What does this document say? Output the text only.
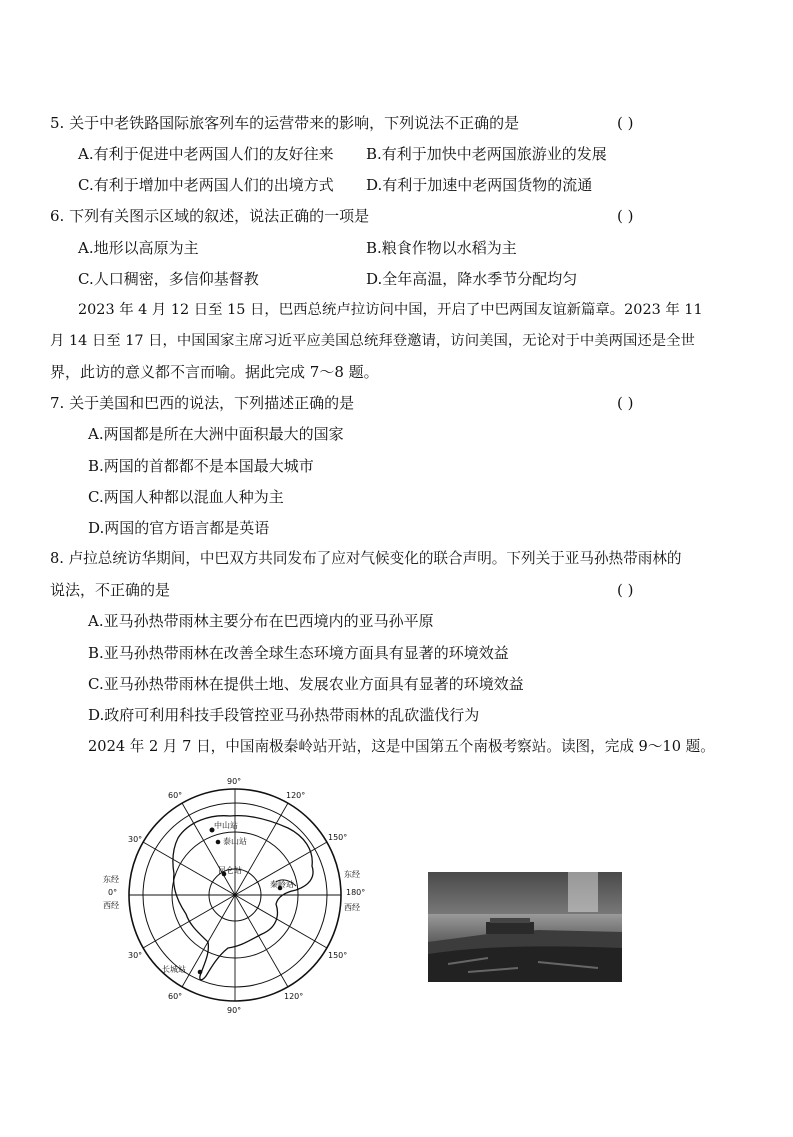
5. 关于中老铁路国际旅客列车的运营带来的影响，下列说法不正确的是	( )
A.有利于促进中老两国人们的友好往来 B.有利于加快中老两国旅游业的发展
C.有利于增加中老两国人们的出境方式 D.有利于加速中老两国货物的流通
6. 下列有关图示区域的叙述，说法正确的一项是	( )
A.地形以高原为主	B.粮食作物以水稻为主
C.人口稠密，多信仰基督教	D.全年高温，降水季节分配均匀
2023 年 4 月 12 日至 15 日，巴西总统卢拉访问中国，开启了中巴两国友谊新篇章。2023 年 11
月 14 日至 17 日，中国国家主席习近平应美国总统拜登邀请，访问美国，无论对于中美两国还是全世
界，此访的意义都不言而喻。据此完成 7～8 题。
7. 关于美国和巴西的说法，下列描述正确的是	( )
A.两国都是所在大洲中面积最大的国家
B.两国的首都都不是本国最大城市
C.两国人种都以混血人种为主
D.两国的官方语言都是英语
8. 卢拉总统访华期间，中巴双方共同发布了应对气候变化的联合声明。下列关于亚马孙热带雨林的
说法，不正确的是	( )
A.亚马孙热带雨林主要分布在巴西境内的亚马孙平原
B.亚马孙热带雨林在改善全球生态环境方面具有显著的环境效益
C.亚马孙热带雨林在提供土地、发展农业方面具有显著的环境效益
D.政府可利用科技手段管控亚马孙热带雨林的乱砍滥伐行为
2024 年 2 月 7 日，中国南极秦岭站开站，这是中国第五个南极考察站。读图，完成 9～10 题。
中山站
泰山站
昆仑站
秦岭站
长城站
90°
90°
60°	120°
30°	150°
30°	150°
60°	120°
东经
0°
西经
东经
180°
西经
